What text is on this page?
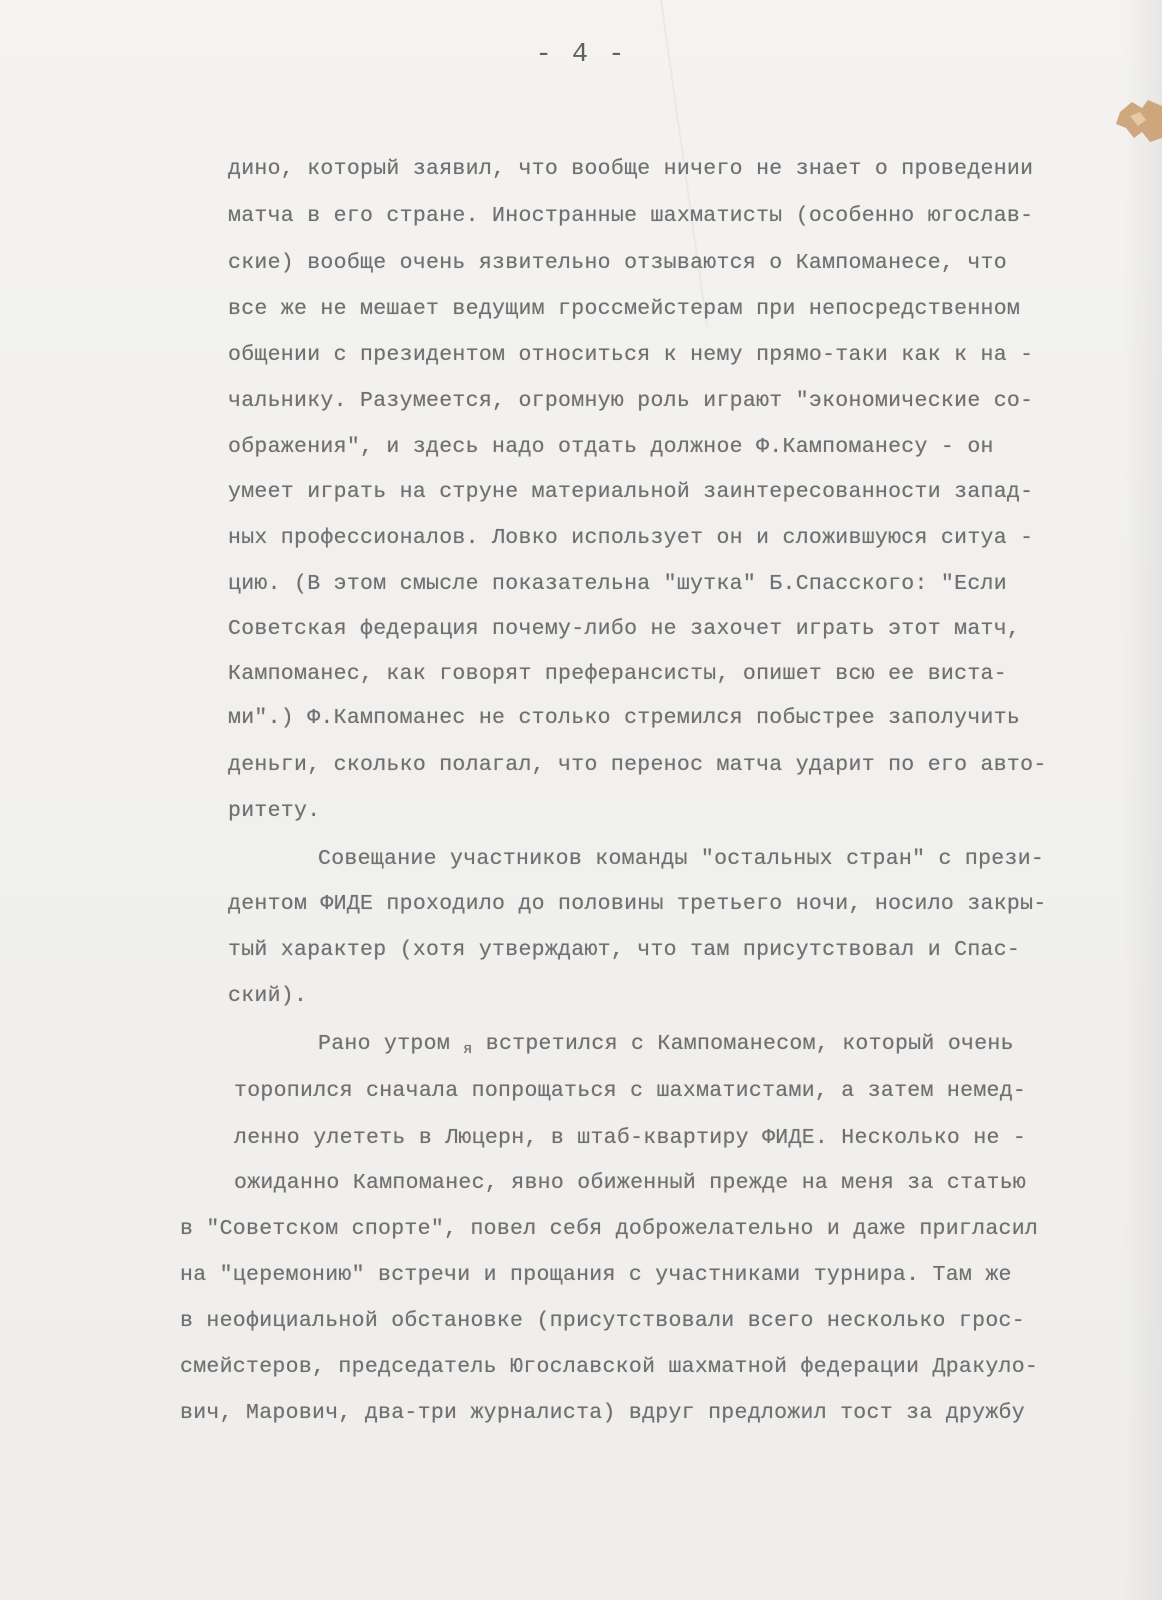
- 4 -
дино, который заявил, что вообще ничего не знает о проведении
матча в его стране. Иностранные шахматисты (особенно югослав-
ские) вообще очень язвительно отзываются о Кампоманесе, что
все же не мешает ведущим гроссмейстерам при непосредственном
общении с президентом относиться к нему прямо-таки как к на -
чальнику. Разумеется, огромную роль играют "экономические со-
ображения", и здесь надо отдать должное Ф.Кампоманесу - он
умеет играть на струне материальной заинтересованности запад-
ных профессионалов. Ловко использует он и сложившуюся ситуа -
цию. (В этом смысле показательна "шутка" Б.Спасского: "Если
Советская федерация почему-либо не захочет играть этот матч,
Кампоманес, как говорят преферансисты, опишет всю ее виста-
ми".) Ф.Кампоманес не столько стремился побыстрее заполучить
деньги, сколько полагал, что перенос матча ударит по его авто-
ритету.
Совещание участников команды "остальных стран" с прези-
дентом ФИДЕ проходило до половины третьего ночи, носило закры-
тый характер (хотя утверждают, что там присутствовал и Спас-
ский).
Рано утром я встретился с Кампоманесом, который очень
торопился сначала попрощаться с шахматистами, а затем немед-
ленно улететь в Люцерн, в штаб-квартиру ФИДЕ. Несколько не -
ожиданно Кампоманес, явно обиженный прежде на меня за статью
в "Советском спорте", повел себя доброжелательно и даже пригласил
на "церемонию" встречи и прощания с участниками турнира. Там же
в неофициальной обстановке (присутствовали всего несколько грос-
смейстеров, председатель Югославской шахматной федерации Дракуло-
вич, Марович, два-три журналиста) вдруг предложил тост за дружбу
